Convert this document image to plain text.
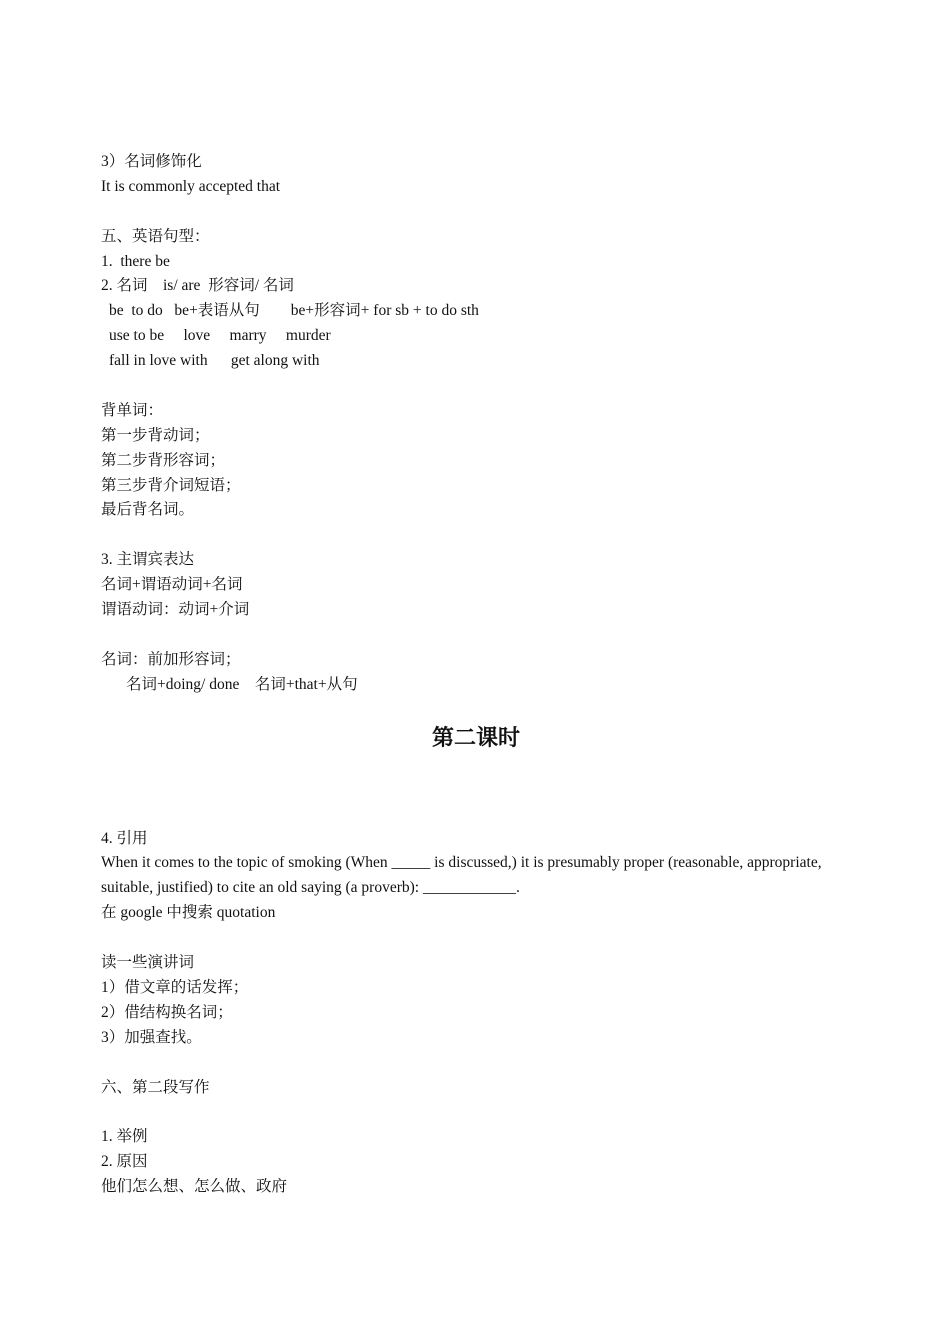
3）名词修饰化
It is commonly accepted that
五、英语句型：
1.  there be
2. 名词    is/ are  形容词/ 名词
be  to do   be+表语从句        be+形容词+ for sb + to do sth
use to be     love     marry     murder
fall in love with      get along with
背单词：
第一步背动词；
第二步背形容词；
第三步背介词短语；
最后背名词。
3. 主谓宾表达
名词+谓语动词+名词
谓语动词：动词+介词
名词：前加形容词；
名词+doing/ done    名词+that+从句
第二课时
4. 引用
When it comes to the topic of smoking (When _____ is discussed,) it is presumably proper (reasonable, appropriate, suitable, justified) to cite an old saying (a proverb): ____________.
在 google 中搜索 quotation
读一些演讲词
1）借文章的话发挥；
2）借结构换名词；
3）加强查找。
六、第二段写作
1. 举例
2. 原因
他们怎么想、怎么做、政府
